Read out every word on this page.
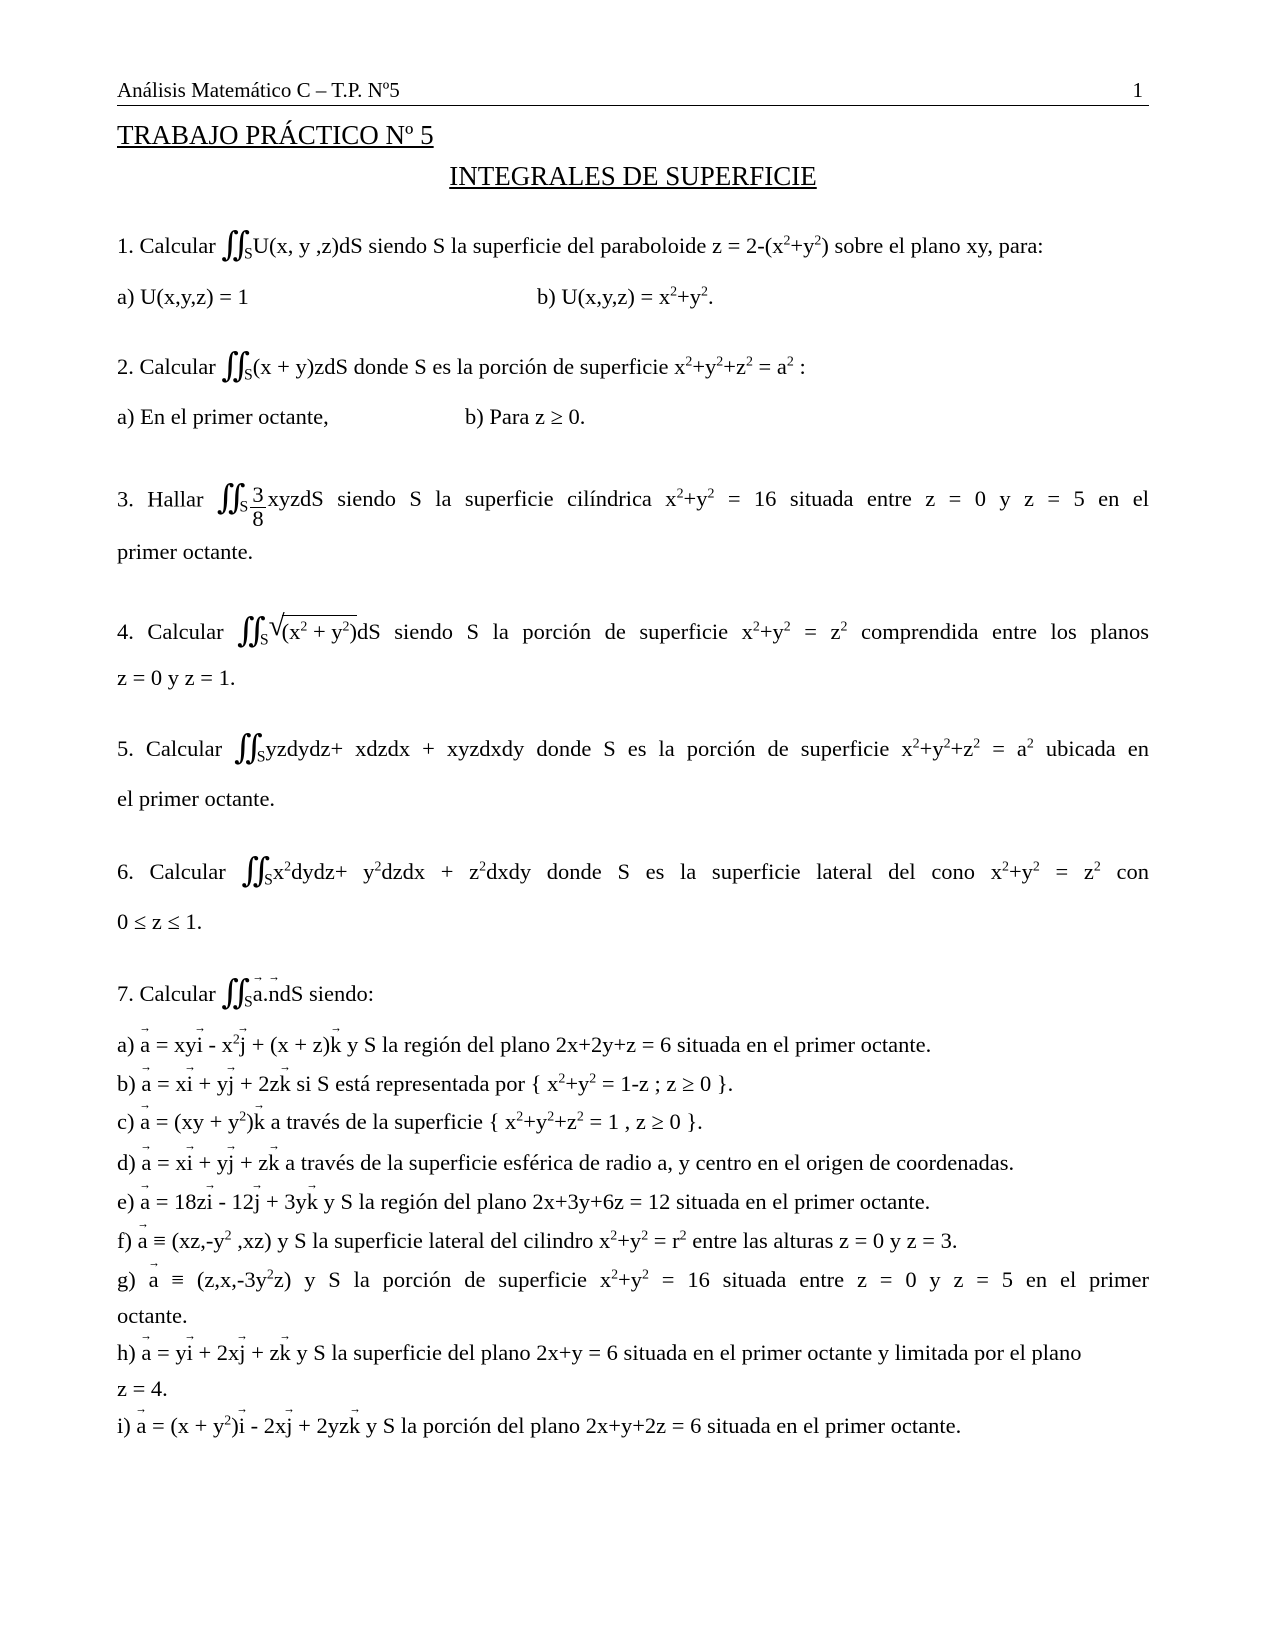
Análisis Matemático C – T.P. Nº5	1
TRABAJO PRÁCTICO Nº 5
INTEGRALES DE SUPERFICIE
1. Calcular $∬_SU(x$, y ,z)dS siendo S la superficie del paraboloide $z = 2-(x^2+y^2)$ sobre el plano xy, para:
a) U(x,y,z) = 1	b) $U(x,y,z) = x^2+y^2$.
2. Calcular $∬_S(x + y)zdS$ donde S es la porción de superficie $x^2+y^2+z^2 = a^2$ :
a) En el primer octante,	b) Para z ≥ 0.
3. Hallar $∬_S \frac{3}{8}$ xyzdS siendo S la superficie cilíndrica $x^2+y^2 = 16$ situada entre z = 0 y z = 5 en el
primer octante.
4. Calcular $∬_S$ √
$(x^2 + y^2)dS$ siendo S la porción de superficie $x^2+y^2 = z^2$ comprendida entre los planos
z = 0 y z = 1.
5. Calcular $∬_Syzdydz+$ xdzdx + xyzdxdy donde S es la porción de superficie $x^2+y^2+z^2 = a^2$ ubicada en
el primer octante.
6. Calcular $∬_Sx^2dydz+$ $y^2dzdx$ + $z^2dxdy$ donde S es la superficie lateral del cono $x^2+y^2 = z^2$ con
0 ≤ z ≤ 1.
7. Calcular $∬_S\to a.\to$ ndS siendo:
$a) \to a = xy\to i - x^2\to j + (x + z)\to k$ y S la región del plano 2x+2y+z = 6 situada en el primer octante.
b) → a = x→ i + y→ j + 2z→ k si S está representada por { $x^2+y^2 = 1-z$ ; z ≥ 0 }.
$c) \to a = (xy + y^2)\to k$ a través de la superficie { $x^2+y^2+z^2 = 1$ , z ≥ 0 }.
d) → a = x→ i + y→ j + z→ k a través de la superficie esférica de radio a, y centro en el origen de coordenadas.
e) → a = 18z→ i - 12→ j + 3y→ k y S la región del plano 2x+3y+6z = 12 situada en el primer octante.
$f) \to a \equiv (xz,-y^2$ ,xz) y S la superficie lateral del cilindro $x^2+y^2 = r^2$ entre las alturas z = 0 y z = 3.
$g) \to a \equiv (z,x,-3y^2z)$ y S la porción de superficie $x^2+y^2 = 16$ situada entre z = 0 y z = 5 en el primer
octante.
h) → a = y→ i + 2x→ j + z→ k y S la superficie del plano 2x+y = 6 situada en el primer octante y limitada por el plano
z = 4.
$i) \to a = (x + y^2)\to i - 2x\to j + 2yz\to k$ y S la porción del plano 2x+y+2z = 6 situada en el primer octante.
